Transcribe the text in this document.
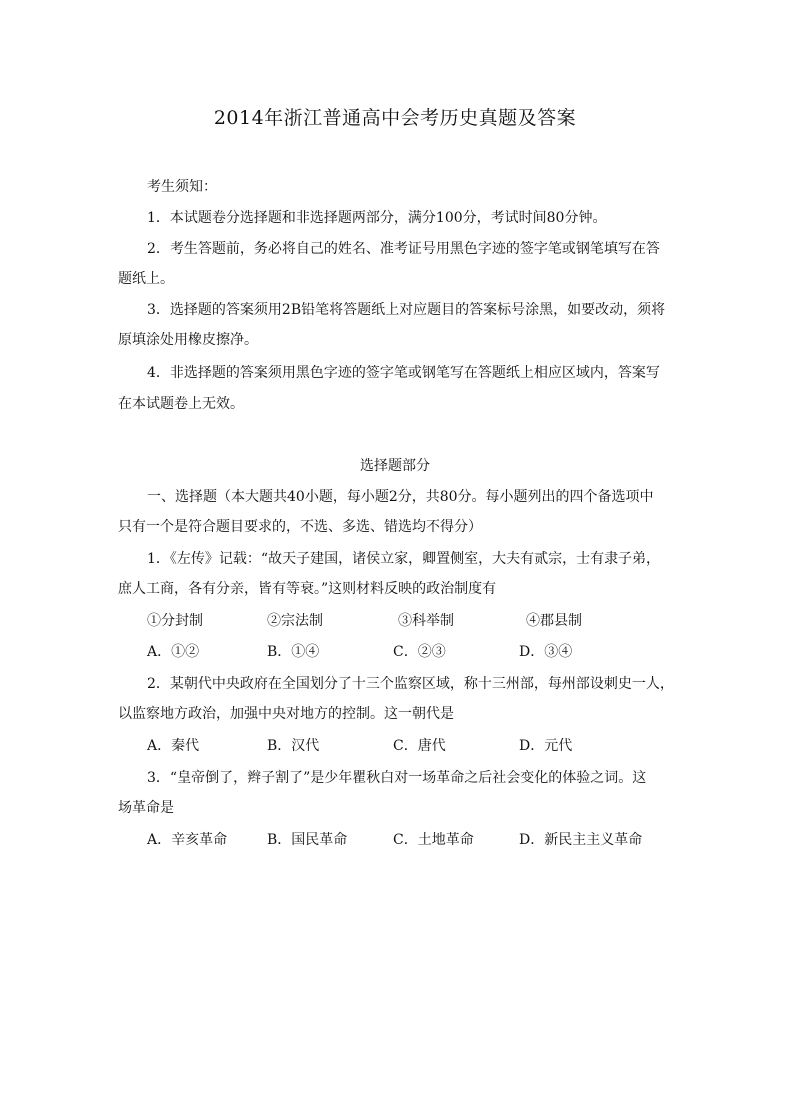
2014年浙江普通高中会考历史真题及答案
考生须知：
1．本试题卷分选择题和非选择题两部分，满分100分，考试时间80分钟。
2．考生答题前，务必将自己的姓名、准考证号用黑色字迹的签字笔或钢笔填写在答
题纸上。
3．选择题的答案须用2B铅笔将答题纸上对应题目的答案标号涂黑，如要改动，须将
原填涂处用橡皮擦净。
4．非选择题的答案须用黑色字迹的签字笔或钢笔写在答题纸上相应区域内，答案写
在本试题卷上无效。
选择题部分
一、选择题（本大题共40小题，每小题2分，共80分。每小题列出的四个备选项中
只有一个是符合题目要求的，不选、多选、错选均不得分）
1．《左传》记载：“故天子建国，诸侯立家，卿置侧室，大夫有贰宗，士有隶子弟，
庶人工商，各有分亲，皆有等衰。”这则材料反映的政治制度有
①分封制	②宗法制	③科举制	④郡县制
A．①②	B．①④	C．②③	D．③④
2．某朝代中央政府在全国划分了十三个监察区域，称十三州部，每州部设刺史一人，
以监察地方政治，加强中央对地方的控制。这一朝代是
A．秦代	B．汉代	C．唐代	D．元代
3．“皇帝倒了，辫子割了”是少年瞿秋白对一场革命之后社会变化的体验之词。这
场革命是
A．辛亥革命	B．国民革命	C．土地革命	D．新民主主义革命
